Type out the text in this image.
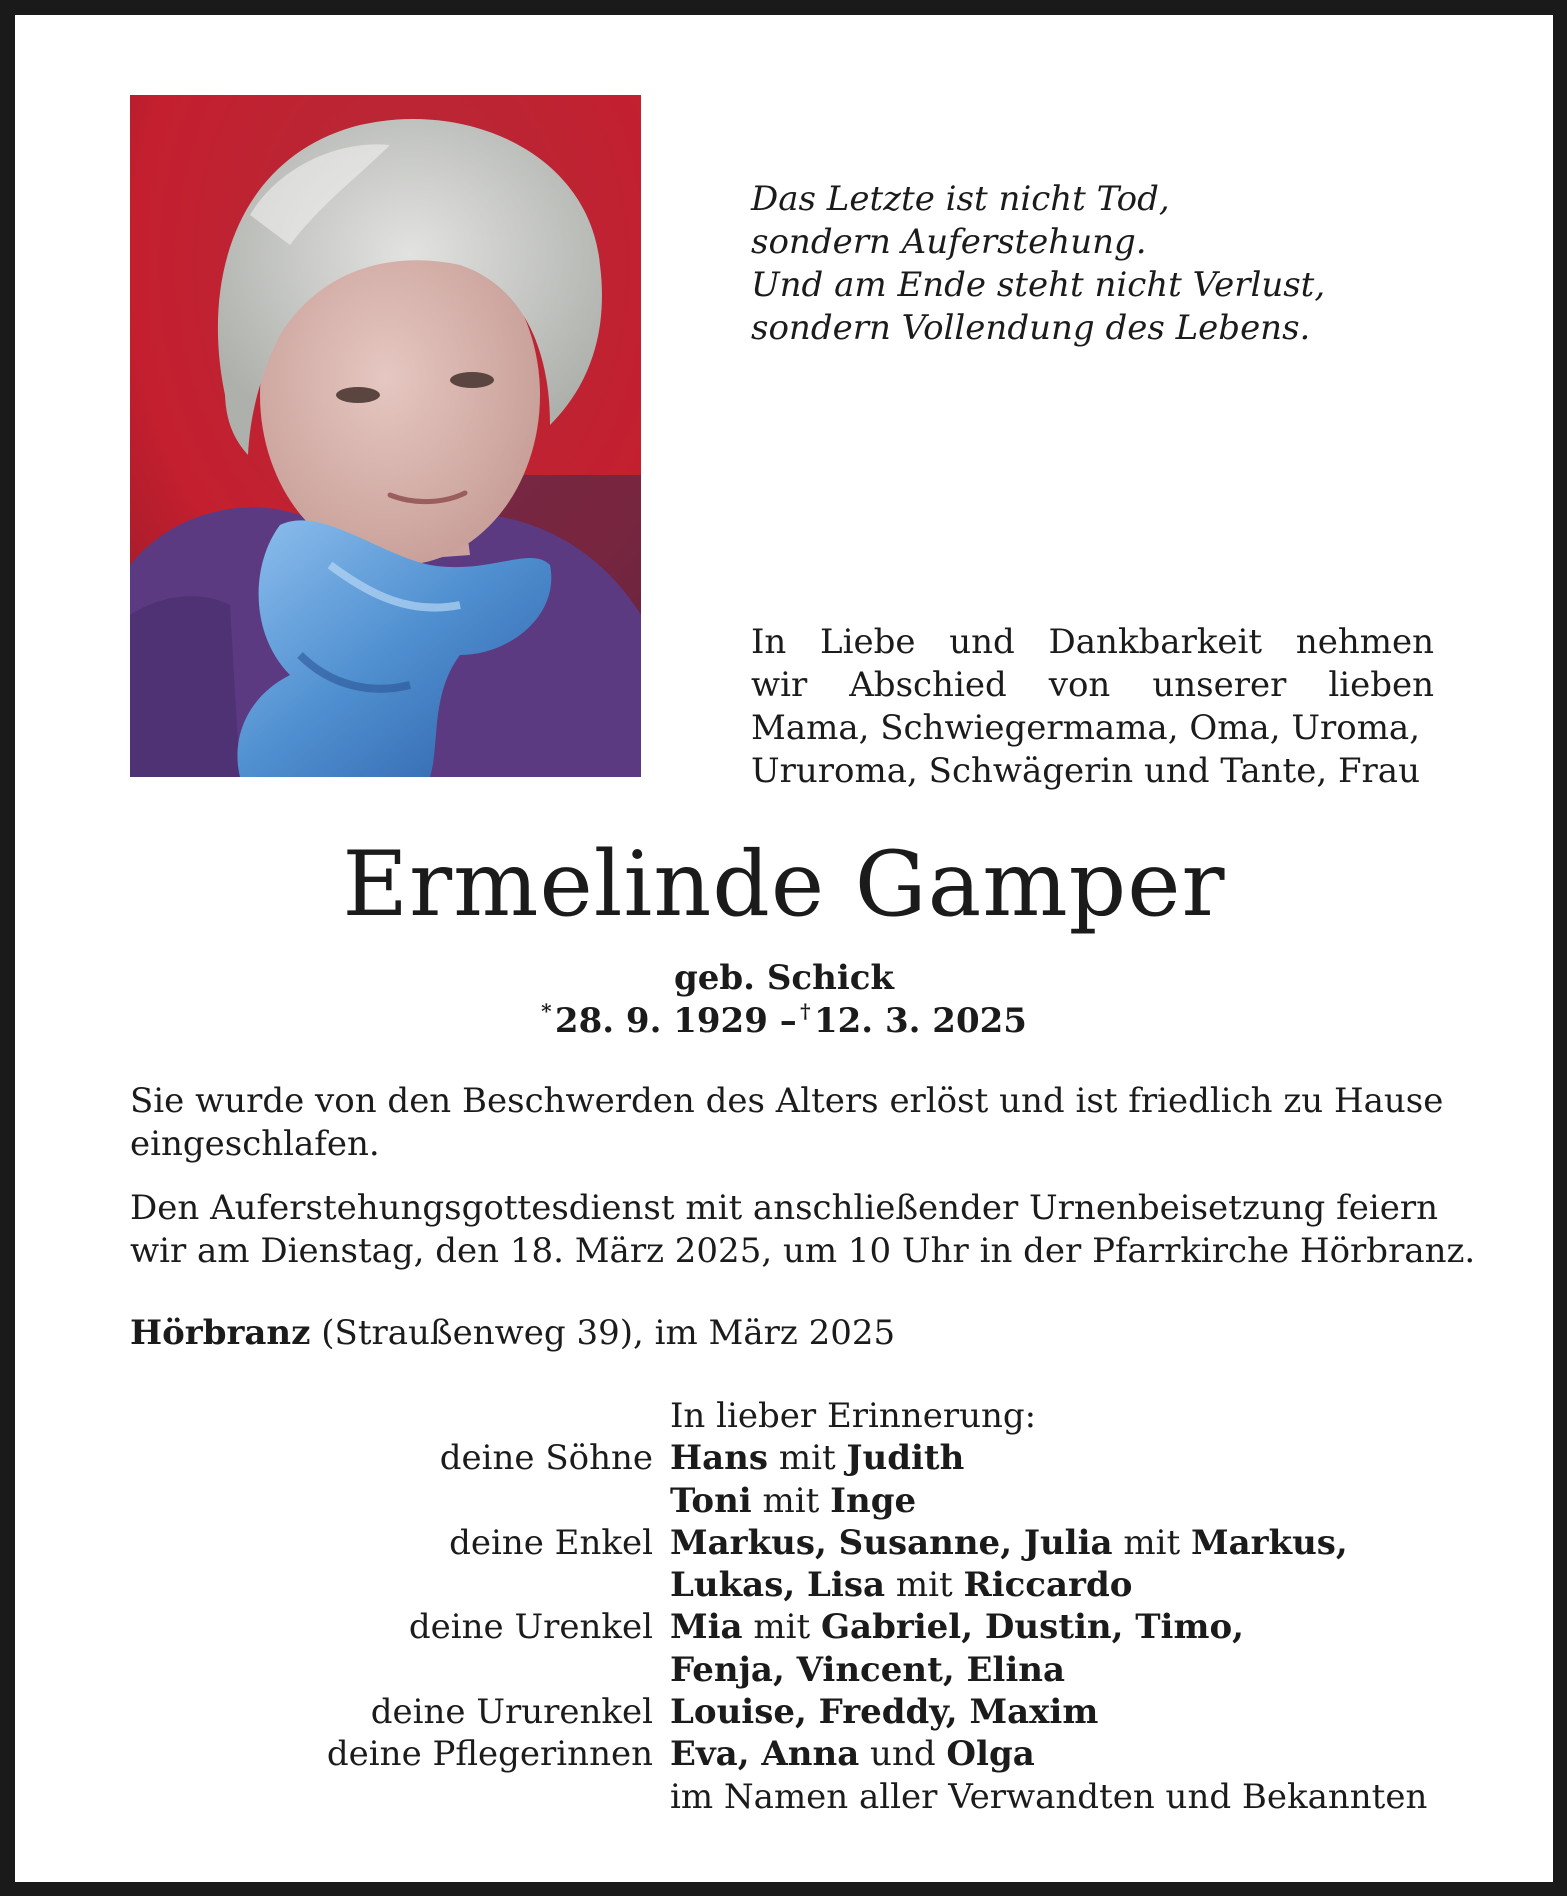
Das Letzte ist nicht Tod,
sondern Auferstehung.
Und am Ende steht nicht Verlust,
sondern Vollendung des Lebens.
In Liebe und Dankbarkeit nehmen
wir Abschied von unserer lieben
Mama, Schwiegermama, Oma, Uroma,
Ururoma, Schwägerin und Tante, Frau
Ermelinde Gamper
geb. Schick
* 28. 9. 1929 –  † 12. 3. 2025
Sie wurde von den Beschwerden des Alters erlöst und ist friedlich zu Hause
eingeschlafen.
Den Auferstehungsgottesdienst mit anschließender Urnenbeisetzung feiern
wir am Dienstag, den 18. März 2025, um 10 Uhr in der Pfarrkirche Hörbranz.
Hörbranz (Straußenweg 39), im März 2025
In lieber Erinnerung:
deine Söhne Hans mit Judith
Toni mit Inge
deine Enkel Markus, Susanne, Julia mit Markus,
Lukas, Lisa mit Riccardo
deine Urenkel Mia mit Gabriel, Dustin, Timo,
Fenja, Vincent, Elina
deine Ururenkel Louise, Freddy, Maxim
deine Pflegerinnen Eva, Anna und Olga
im Namen aller Verwandten und Bekannten
